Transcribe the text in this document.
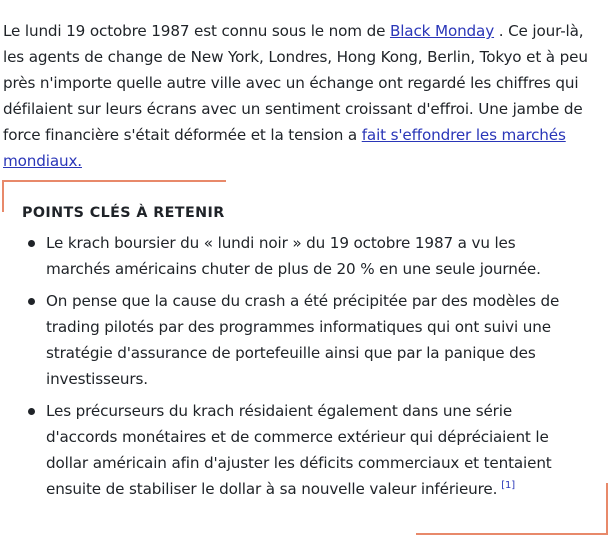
Le lundi 19 octobre 1987 est connu sous le nom de Black Monday . Ce jour-là, les agents de change de New York, Londres, Hong Kong, Berlin, Tokyo et à peu près n'importe quelle autre ville avec un échange ont regardé les chiffres qui défilaient sur leurs écrans avec un sentiment croissant d'effroi. Une jambe de force financière s'était déformée et la tension a fait s'effondrer les marchés mondiaux.

POINTS CLÉS À RETENIR
Le krach boursier du « lundi noir » du 19 octobre 1987 a vu les marchés américains chuter de plus de 20 % en une seule journée.
On pense que la cause du crash a été précipitée par des modèles de trading pilotés par des programmes informatiques qui ont suivi une stratégie d'assurance de portefeuille ainsi que par la panique des investisseurs.
Les précurseurs du krach résidaient également dans une série d'accords monétaires et de commerce extérieur qui dépréciaient le dollar américain afin d'ajuster les déficits commerciaux et tentaient ensuite de stabiliser le dollar à sa nouvelle valeur inférieure. [1]
